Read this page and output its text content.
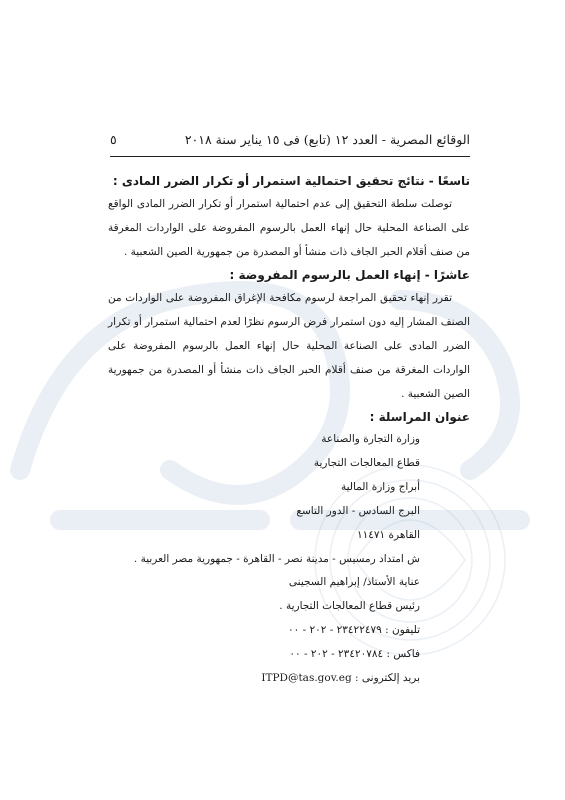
٥	الوقائع المصرية - العدد ١٢ (تابع) فى ١٥ يناير سنة ٢٠١٨

تاسعًا - نتائج تحقيق احتمالية استمرار أو تكرار الضرر المادى :

توصلت سلطة التحقيق إلى عدم احتمالية استمرار أو تكرار الضرر المادى الواقع على الصناعة المحلية حال إنهاء العمل بالرسوم المفروضة على الواردات المغرقة من صنف أقلام الحبر الجاف ذات منشأ أو المصدرة من جمهورية الصين الشعبية .

عاشرًا - إنهاء العمل بالرسوم المفروضة :

تقرر إنهاء تحقيق المراجعة لرسوم مكافحة الإغراق المفروضة على الواردات من الصنف المشار إليه دون استمرار فرض الرسوم نظرًا لعدم احتمالية استمرار أو تكرار الضرر المادى على الصناعة المحلية حال إنهاء العمل بالرسوم المفروضة على الواردات المغرقة من صنف أقلام الحبر الجاف ذات منشأ أو المصدرة من جمهورية الصين الشعبية .

عنوان المراسلة :

وزارة التجارة والصناعة
قطاع المعالجات التجارية
أبراج وزارة المالية
البرج السادس - الدور التاسع
القاهرة ١١٤٧١
ش امتداد رمسيس - مدينة نصر - القاهرة - جمهورية مصر العربية .
عناية الأستاذ/ إبراهيم السجينى
رئيس قطاع المعالجات التجارية .
تليفون : ٢٣٤٢٢٤٧٩ - ٢٠٢ - ٠٠
فاكس : ٢٣٤٢٠٧٨٤ - ٢٠٢ - ٠٠
بريد إلكترونى : ITPD@tas.gov.eg
